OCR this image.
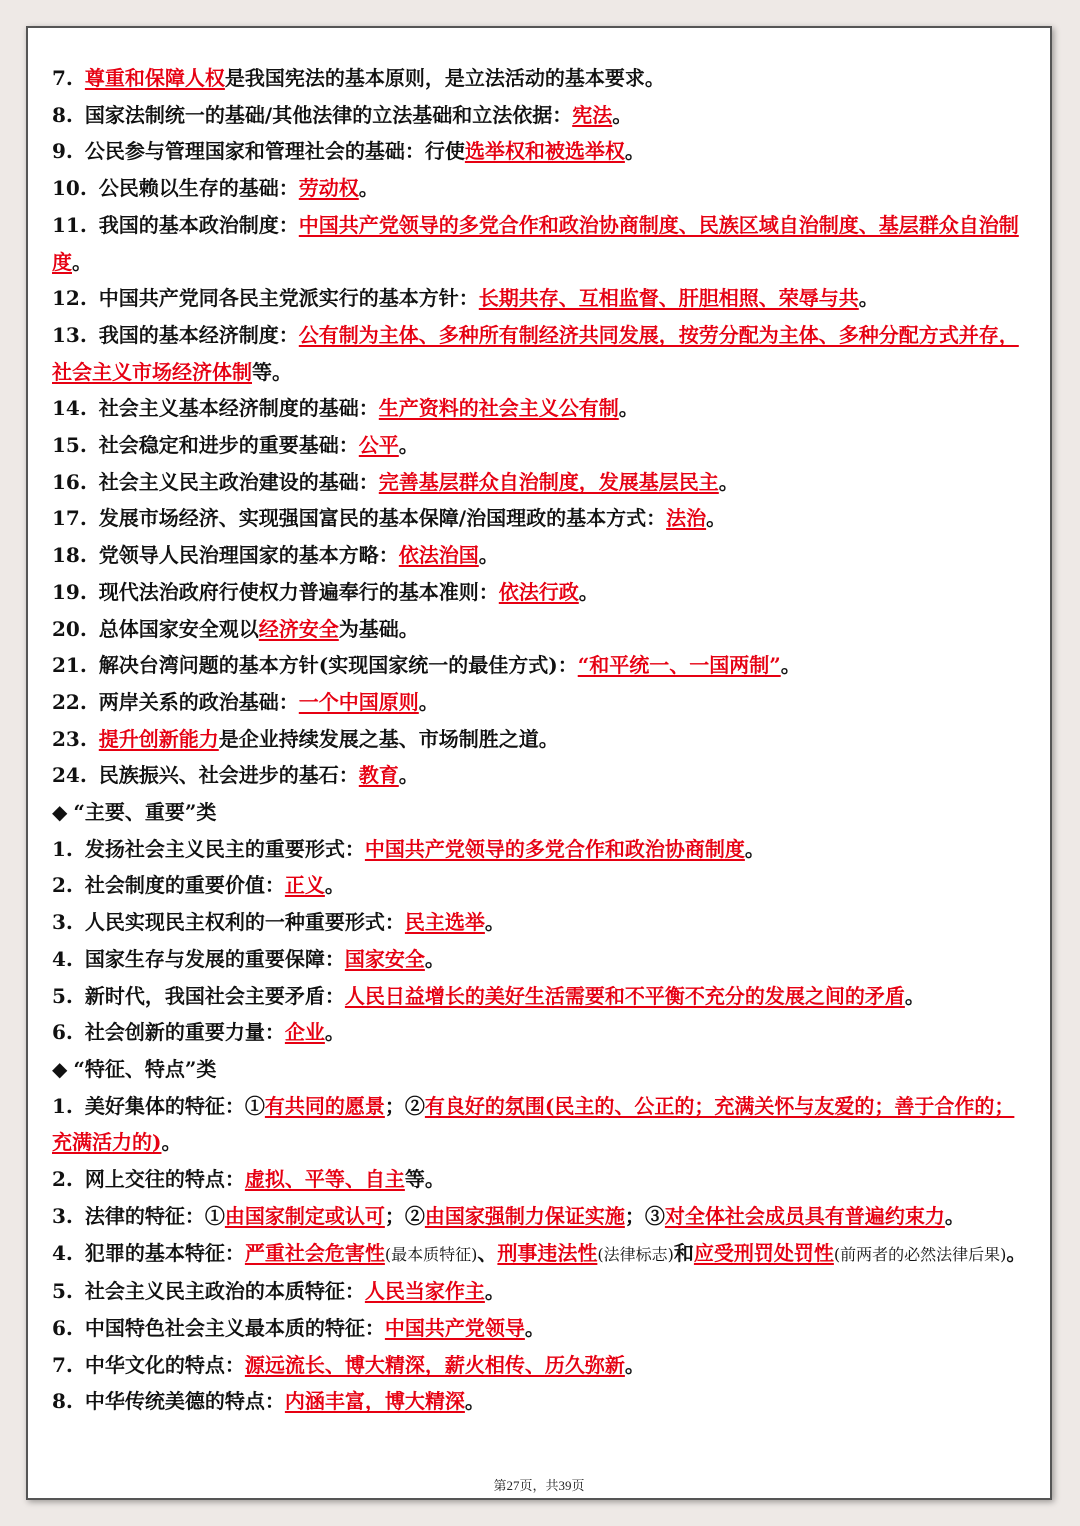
7. 尊重和保障人权是我国宪法的基本原则，是立法活动的基本要求。
8. 国家法制统一的基础/其他法律的立法基础和立法依据：宪法。
9. 公民参与管理国家和管理社会的基础：行使选举权和被选举权。
10. 公民赖以生存的基础：劳动权。
11. 我国的基本政治制度：中国共产党领导的多党合作和政治协商制度、民族区域自治制度、基层群众自治制度。
12. 中国共产党同各民主党派实行的基本方针：长期共存、互相监督、肝胆相照、荣辱与共。
13. 我国的基本经济制度：公有制为主体、多种所有制经济共同发展，按劳分配为主体、多种分配方式并存，社会主义市场经济体制等。
14. 社会主义基本经济制度的基础：生产资料的社会主义公有制。
15. 社会稳定和进步的重要基础：公平。
16. 社会主义民主政治建设的基础：完善基层群众自治制度，发展基层民主。
17. 发展市场经济、实现强国富民的基本保障/治国理政的基本方式：法治。
18. 党领导人民治理国家的基本方略：依法治国。
19. 现代法治政府行使权力普遍奉行的基本准则：依法行政。
20. 总体国家安全观以经济安全为基础。
21. 解决台湾问题的基本方针(实现国家统一的最佳方式)：“和平统一、一国两制”。
22. 两岸关系的政治基础：一个中国原则。
23. 提升创新能力是企业持续发展之基、市场制胜之道。
24. 民族振兴、社会进步的基石：教育。
◆ “主要、重要”类
1. 发扬社会主义民主的重要形式：中国共产党领导的多党合作和政治协商制度。
2. 社会制度的重要价值：正义。
3. 人民实现民主权利的一种重要形式：民主选举。
4. 国家生存与发展的重要保障：国家安全。
5. 新时代，我国社会主要矛盾：人民日益增长的美好生活需要和不平衡不充分的发展之间的矛盾。
6. 社会创新的重要力量：企业。
◆ “特征、特点”类
1. 美好集体的特征：①有共同的愿景；②有良好的氛围(民主的、公正的；充满关怀与友爱的；善于合作的；充满活力的)。
2. 网上交往的特点：虚拟、平等、自主等。
3. 法律的特征：①由国家制定或认可；②由国家强制力保证实施；③对全体社会成员具有普遍约束力。
4. 犯罪的基本特征：严重社会危害性(最本质特征)、刑事违法性(法律标志)和应受刑罚处罚性(前两者的必然法律后果)。
5. 社会主义民主政治的本质特征：人民当家作主。
6. 中国特色社会主义最本质的特征：中国共产党领导。
7. 中华文化的特点：源远流长、博大精深，薪火相传、历久弥新。
8. 中华传统美德的特点：内涵丰富，博大精深。
第27页，共39页
